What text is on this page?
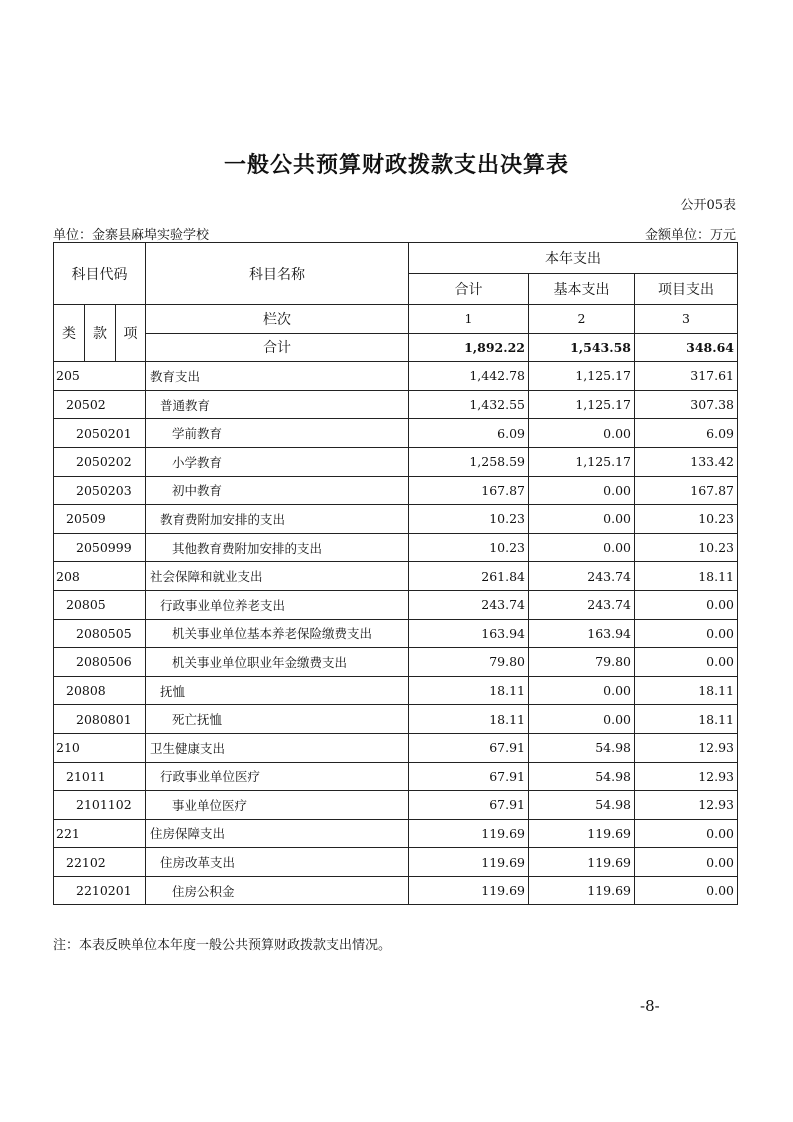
一般公共预算财政拨款支出决算表
公开05表
单位：金寨县麻埠实验学校	金额单位：万元
科目代码			科目名称	本年支出		
				合计	基本支出	项目支出
类	款	项	栏次	1	2	3
			合计	1,892.22	1,543.58	348.64
205			教育支出	1,442.78	1,125.17	317.61
20502			普通教育	1,432.55	1,125.17	307.38
2050201			学前教育	6.09	0.00	6.09
2050202			小学教育	1,258.59	1,125.17	133.42
2050203			初中教育	167.87	0.00	167.87
20509			教育费附加安排的支出	10.23	0.00	10.23
2050999			其他教育费附加安排的支出	10.23	0.00	10.23
208			社会保障和就业支出	261.84	243.74	18.11
20805			行政事业单位养老支出	243.74	243.74	0.00
2080505			机关事业单位基本养老保险缴费支出	163.94	163.94	0.00
2080506			机关事业单位职业年金缴费支出	79.80	79.80	0.00
20808			抚恤	18.11	0.00	18.11
2080801			死亡抚恤	18.11	0.00	18.11
210			卫生健康支出	67.91	54.98	12.93
21011			行政事业单位医疗	67.91	54.98	12.93
2101102			事业单位医疗	67.91	54.98	12.93
221			住房保障支出	119.69	119.69	0.00
22102			住房改革支出	119.69	119.69	0.00
2210201			住房公积金	119.69	119.69	0.00
注：本表反映单位本年度一般公共预算财政拨款支出情况。
-8-
